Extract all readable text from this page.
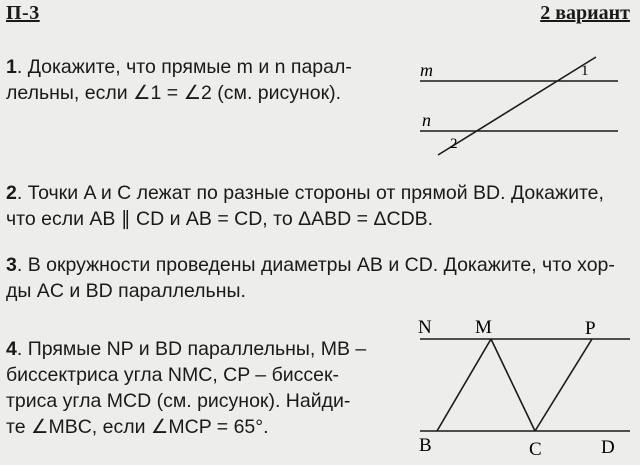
П-3	2 вариант
1. Докажите, что прямые m и n парал-
лельны, если ∠1 = ∠2 (см. рисунок).
m
n
1
2
2. Точки A и C лежат по разные стороны от прямой BD. Докажите,
что если AB ∥ CD и AB = CD, то ΔABD = ΔCDB.
3. В окружности проведены диаметры AB и CD. Докажите, что хор-
ды AC и BD параллельны.
4. Прямые NP и BD параллельны, MB –
биссектриса угла NMC, CP – биссек-
триса угла MCD (см. рисунок). Найди-
те ∠MBC, если ∠MCP = 65°.
N M	P
B	C	D
